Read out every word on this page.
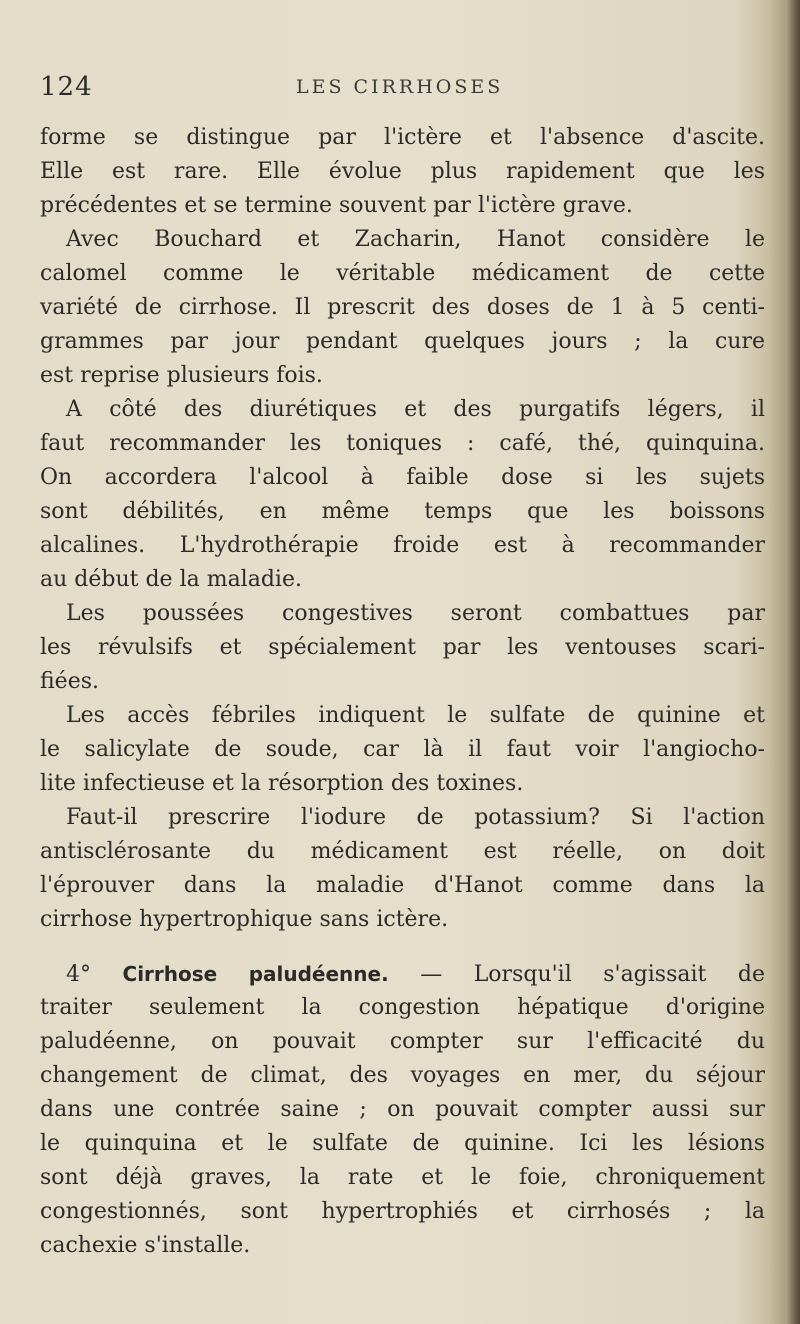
124	LES CIRRHOSES
forme se distingue par l'ictère et l'absence d'ascite.
Elle est rare. Elle évolue plus rapidement que les
précédentes et se termine souvent par l'ictère grave.
Avec Bouchard et Zacharin, Hanot considère le
calomel comme le véritable médicament de cette
variété de cirrhose. Il prescrit des doses de 1 à 5 centi-
grammes par jour pendant quelques jours ; la cure
est reprise plusieurs fois.
A côté des diurétiques et des purgatifs légers, il
faut recommander les toniques : café, thé, quinquina.
On accordera l'alcool à faible dose si les sujets
sont débilités, en même temps que les boissons
alcalines. L'hydrothérapie froide est à recommander
au début de la maladie.
Les poussées congestives seront combattues par
les révulsifs et spécialement par les ventouses scari-
fiées.
Les accès fébriles indiquent le sulfate de quinine et
le salicylate de soude, car là il faut voir l'angiocho-
lite infectieuse et la résorption des toxines.
Faut-il prescrire l'iodure de potassium? Si l'action
antisclérosante du médicament est réelle, on doit
l'éprouver dans la maladie d'Hanot comme dans la
cirrhose hypertrophique sans ictère.
4° Cirrhose paludéenne. — Lorsqu'il s'agissait de
traiter seulement la congestion hépatique d'origine
paludéenne, on pouvait compter sur l'efficacité du
changement de climat, des voyages en mer, du séjour
dans une contrée saine ; on pouvait compter aussi sur
le quinquina et le sulfate de quinine. Ici les lésions
sont déjà graves, la rate et le foie, chroniquement
congestionnés, sont hypertrophiés et cirrhosés ; la
cachexie s'installe.
